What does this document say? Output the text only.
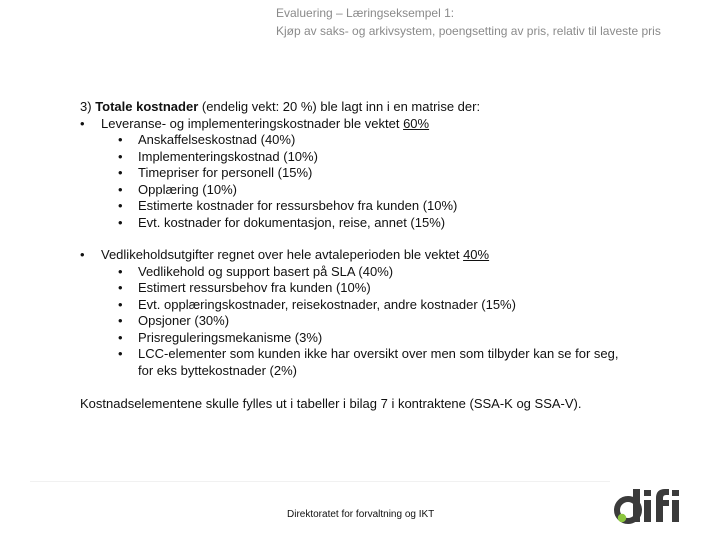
Evaluering – Læringseksempel 1:
Kjøp av saks- og arkivsystem, poengsetting av pris, relativ til laveste pris
3) Totale kostnader (endelig vekt: 20 %) ble lagt inn i en matrise der:
• Leveranse- og implementeringskostnader ble vektet 60%
• Anskaffelseskostnad (40%)
• Implementeringskostnad (10%)
• Timepriser for personell (15%)
• Opplæring (10%)
• Estimerte kostnader for ressursbehov fra kunden (10%)
• Evt. kostnader for dokumentasjon, reise, annet (15%)
• Vedlikeholdsutgifter regnet over hele avtaleperioden ble vektet 40%
• Vedlikehold og support basert på SLA (40%)
• Estimert ressursbehov fra kunden (10%)
• Evt. opplæringskostnader, reisekostnader, andre kostnader (15%)
• Opsjoner (30%)
• Prisreguleringsmekanisme (3%)
• LCC-elementer som kunden ikke har oversikt over men som tilbyder kan se for seg,
for eks byttekostnader (2%)
Kostnadselementene skulle fylles ut i tabeller i bilag 7 i kontraktene (SSA-K og SSA-V).
Direktoratet for forvaltning og IKT
difi
